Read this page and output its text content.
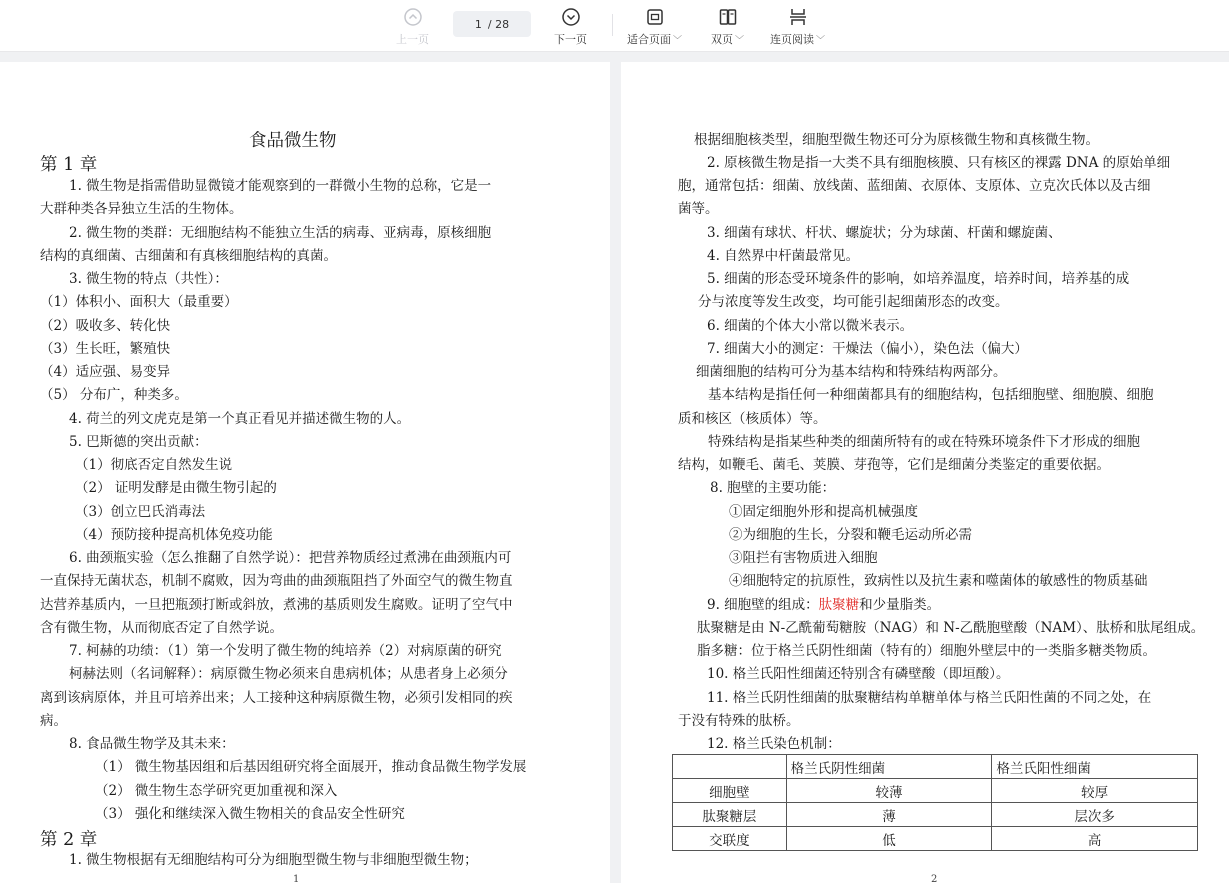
上一页
1 / 28
下一页	适合页面 ﹀	双页 ﹀ 连页阅读 ﹀
食品微生物
第 1 章
1. 微生物是指需借助显微镜才能观察到的一群微小生物的总称，它是一
大群种类各异独立生活的生物体。
2. 微生物的类群：无细胞结构不能独立生活的病毒、亚病毒，原核细胞
结构的真细菌、古细菌和有真核细胞结构的真菌。
3. 微生物的特点（共性）：
（1）体积小、面积大（最重要）
（2）吸收多、转化快
（3）生长旺，繁殖快
（4）适应强、易变异
（5） 分布广，种类多。
4. 荷兰的列文虎克是第一个真正看见并描述微生物的人。
5. 巴斯德的突出贡献：
（1）彻底否定自然发生说
（2） 证明发酵是由微生物引起的
（3）创立巴氏消毒法
（4）预防接种提高机体免疫功能
6. 曲颈瓶实验（怎么推翻了自然学说）：把营养物质经过煮沸在曲颈瓶内可
一直保持无菌状态，机制不腐败，因为弯曲的曲颈瓶阻挡了外面空气的微生物直
达营养基质内，一旦把瓶颈打断或斜放，煮沸的基质则发生腐败。证明了空气中
含有微生物，从而彻底否定了自然学说。
7. 柯赫的功绩：（1）第一个发明了微生物的纯培养（2）对病原菌的研究
柯赫法则（名词解释）：病原微生物必须来自患病机体；从患者身上必须分
离到该病原体，并且可培养出来；人工接种这种病原微生物，必须引发相同的疾
病。
8. 食品微生物学及其未来：
（1） 微生物基因组和后基因组研究将全面展开，推动食品微生物学发展
（2） 微生物生态学研究更加重视和深入
（3） 强化和继续深入微生物相关的食品安全性研究
第 2 章
1. 微生物根据有无细胞结构可分为细胞型微生物与非细胞型微生物；
1
根据细胞核类型，细胞型微生物还可分为原核微生物和真核微生物。
2. 原核微生物是指一大类不具有细胞核膜、只有核区的裸露 DNA 的原始单细
胞，通常包括：细菌、放线菌、蓝细菌、衣原体、支原体、立克次氏体以及古细
菌等。
3. 细菌有球状、杆状、螺旋状；分为球菌、杆菌和螺旋菌、
4. 自然界中杆菌最常见。
5. 细菌的形态受环境条件的影响，如培养温度，培养时间，培养基的成
分与浓度等发生改变，均可能引起细菌形态的改变。
6. 细菌的个体大小常以微米表示。
7. 细菌大小的测定：干燥法（偏小），染色法（偏大）
细菌细胞的结构可分为基本结构和特殊结构两部分。
基本结构是指任何一种细菌都具有的细胞结构，包括细胞壁、细胞膜、细胞
质和核区（核质体）等。
特殊结构是指某些种类的细菌所特有的或在特殊环境条件下才形成的细胞
结构，如鞭毛、菌毛、荚膜、芽孢等，它们是细菌分类鉴定的重要依据。
8. 胞壁的主要功能：
①固定细胞外形和提高机械强度
②为细胞的生长，分裂和鞭毛运动所必需
③阻拦有害物质进入细胞
④细胞特定的抗原性，致病性以及抗生素和噬菌体的敏感性的物质基础
9. 细胞壁的组成：肽聚糖和少量脂类。
肽聚糖是由 N-乙酰葡萄糖胺（NAG）和 N-乙酰胞壁酸（NAM）、肽桥和肽尾组成。
脂多糖：位于格兰氏阴性细菌（特有的）细胞外壁层中的一类脂多糖类物质。
10. 格兰氏阳性细菌还特别含有磷壁酸（即垣酸）。
11. 格兰氏阴性细菌的肽聚糖结构单糖单体与格兰氏阳性菌的不同之处，在
于没有特殊的肽桥。
12. 格兰氏染色机制：
	格兰氏阴性细菌	格兰氏阳性细菌
细胞壁	较薄	较厚
肽聚糖层	薄	层次多
交联度	低	高
2
